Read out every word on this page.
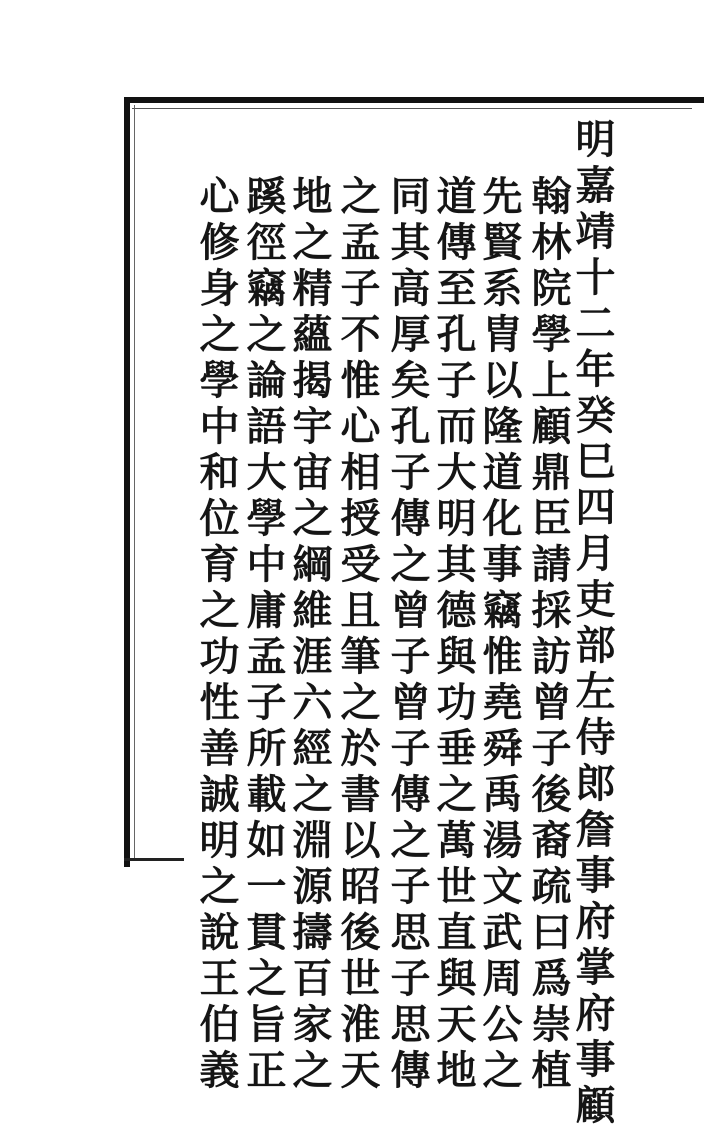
明嘉靖十二年癸巳四月吏部左侍郎詹事府掌府事顧
翰林院學上顧鼎臣請採訪曾子後裔疏曰爲崇植
先賢系胄以隆道化事竊惟堯舜禹湯文武周公之
道傳至孔子而大明其德與功垂之萬世直與天地
同其高厚矣孔子傳之曾子曾子傳之子思子思傳
之孟子不惟心相授受且筆之於書以昭後世淮天
地之精蘊揭宇宙之綱維涯六經之淵源擣百家之
蹊徑竊之論語大學中庸孟子所載如一貫之旨正
心修身之學中和位育之功性善誠明之說王伯義
